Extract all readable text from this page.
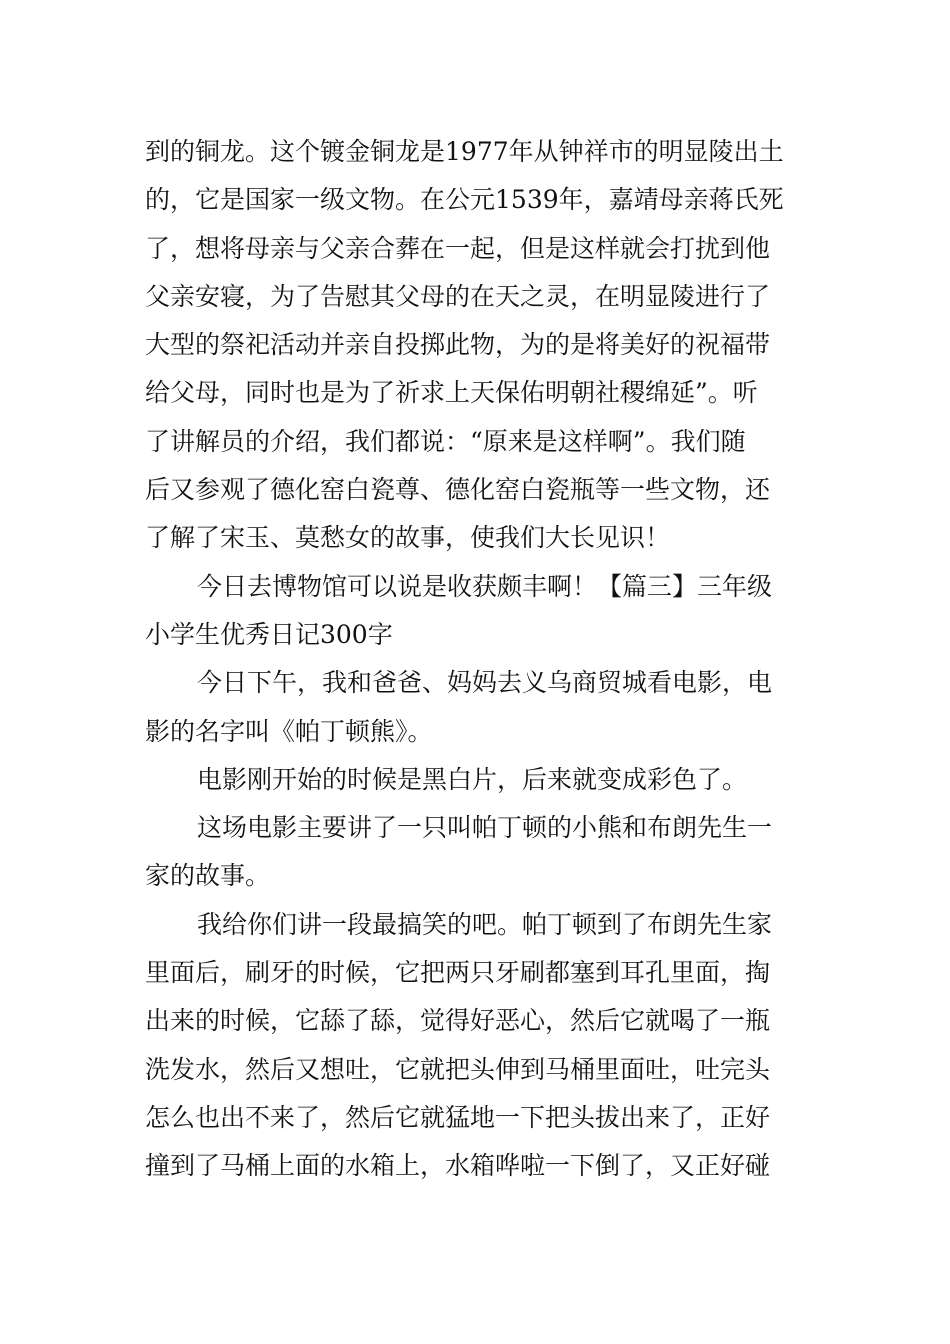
到的铜龙。这个镀金铜龙是1977年从钟祥市的明显陵出土
的，它是国家一级文物。在公元1539年，嘉靖母亲蒋氏死
了，想将母亲与父亲合葬在一起，但是这样就会打扰到他
父亲安寝，为了告慰其父母的在天之灵，在明显陵进行了
大型的祭祀活动并亲自投掷此物，为的是将美好的祝福带
给父母，同时也是为了祈求上天保佑明朝社稷绵延”。听
了讲解员的介绍，我们都说：“原来是这样啊”。我们随
后又参观了德化窑白瓷尊、德化窑白瓷瓶等一些文物，还
了解了宋玉、莫愁女的故事，使我们大长见识！
今日去博物馆可以说是收获颇丰啊！【篇三】三年级
小学生优秀日记300字
今日下午，我和爸爸、妈妈去义乌商贸城看电影，电
影的名字叫《帕丁顿熊》。
电影刚开始的时候是黑白片，后来就变成彩色了。
这场电影主要讲了一只叫帕丁顿的小熊和布朗先生一
家的故事。
我给你们讲一段最搞笑的吧。帕丁顿到了布朗先生家
里面后，刷牙的时候，它把两只牙刷都塞到耳孔里面，掏
出来的时候，它舔了舔，觉得好恶心，然后它就喝了一瓶
洗发水，然后又想吐，它就把头伸到马桶里面吐，吐完头
怎么也出不来了，然后它就猛地一下把头拔出来了，正好
撞到了马桶上面的水箱上，水箱哗啦一下倒了，又正好碰
